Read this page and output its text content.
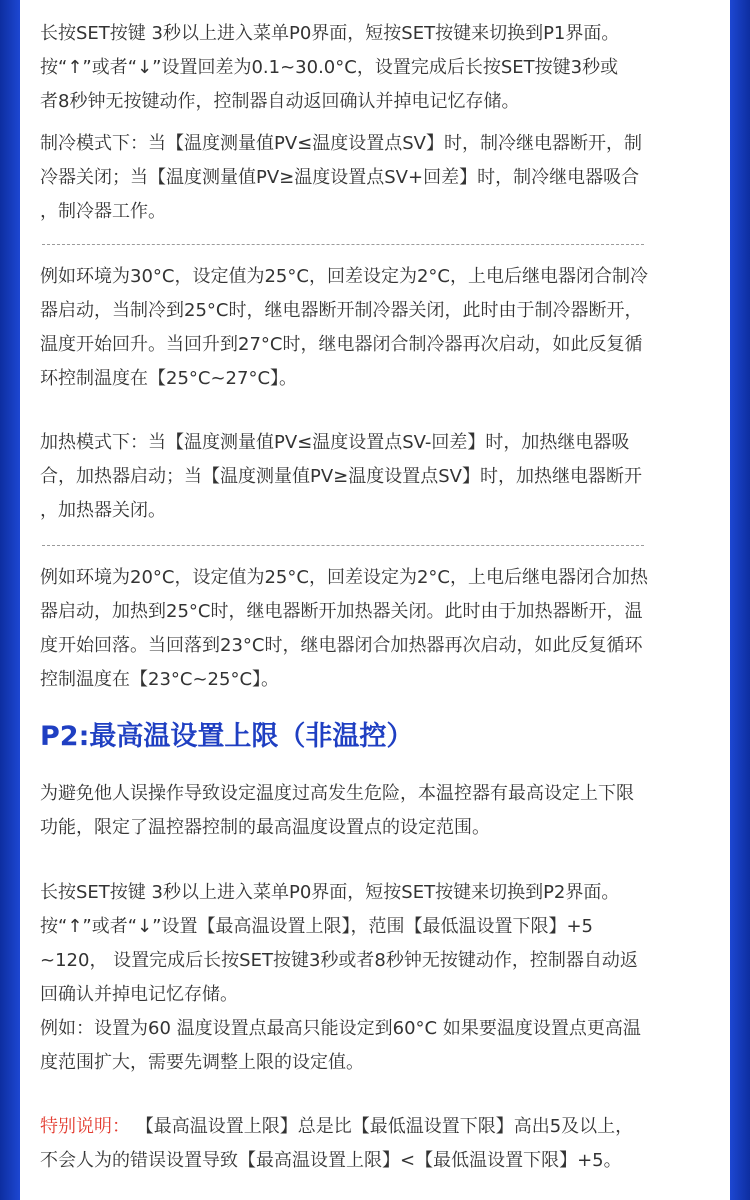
长按SET按键 3秒以上进入菜单P0界面，短按SET按键来切换到P1界面。
按“↑”或者“↓”设置回差为0.1~30.0°C，设置完成后长按SET按键3秒或
者8秒钟无按键动作，控制器自动返回确认并掉电记忆存储。
制冷模式下：当【温度测量值PV≤温度设置点SV】时，制冷继电器断开，制
冷器关闭；当【温度测量值PV≥温度设置点SV+回差】时，制冷继电器吸合
，制冷器工作。
例如环境为30°C，设定值为25°C，回差设定为2°C，上电后继电器闭合制冷
器启动，当制冷到25°C时，继电器断开制冷器关闭，此时由于制冷器断开，
温度开始回升。当回升到27°C时，继电器闭合制冷器再次启动，如此反复循
环控制温度在【25°C~27°C】。
加热模式下：当【温度测量值PV≤温度设置点SV-回差】时，加热继电器吸
合，加热器启动；当【温度测量值PV≥温度设置点SV】时，加热继电器断开
，加热器关闭。
例如环境为20°C，设定值为25°C，回差设定为2°C，上电后继电器闭合加热
器启动，加热到25°C时，继电器断开加热器关闭。此时由于加热器断开，温
度开始回落。当回落到23°C时，继电器闭合加热器再次启动，如此反复循环
控制温度在【23°C~25°C】。
P2:最高温设置上限（非温控）
为避免他人误操作导致设定温度过高发生危险，本温控器有最高设定上下限
功能，限定了温控器控制的最高温度设置点的设定范围。
长按SET按键 3秒以上进入菜单P0界面，短按SET按键来切换到P2界面。
按“↑”或者“↓”设置【最高温设置上限】，范围【最低温设置下限】+5
~120， 设置完成后长按SET按键3秒或者8秒钟无按键动作，控制器自动返
回确认并掉电记忆存储。
例如：设置为60 温度设置点最高只能设定到60°C 如果要温度设置点更高温
度范围扩大，需要先调整上限的设定值。
特别说明： 【最高温设置上限】总是比【最低温设置下限】高出5及以上，
不会人为的错误设置导致【最高温设置上限】<【最低温设置下限】+5。
